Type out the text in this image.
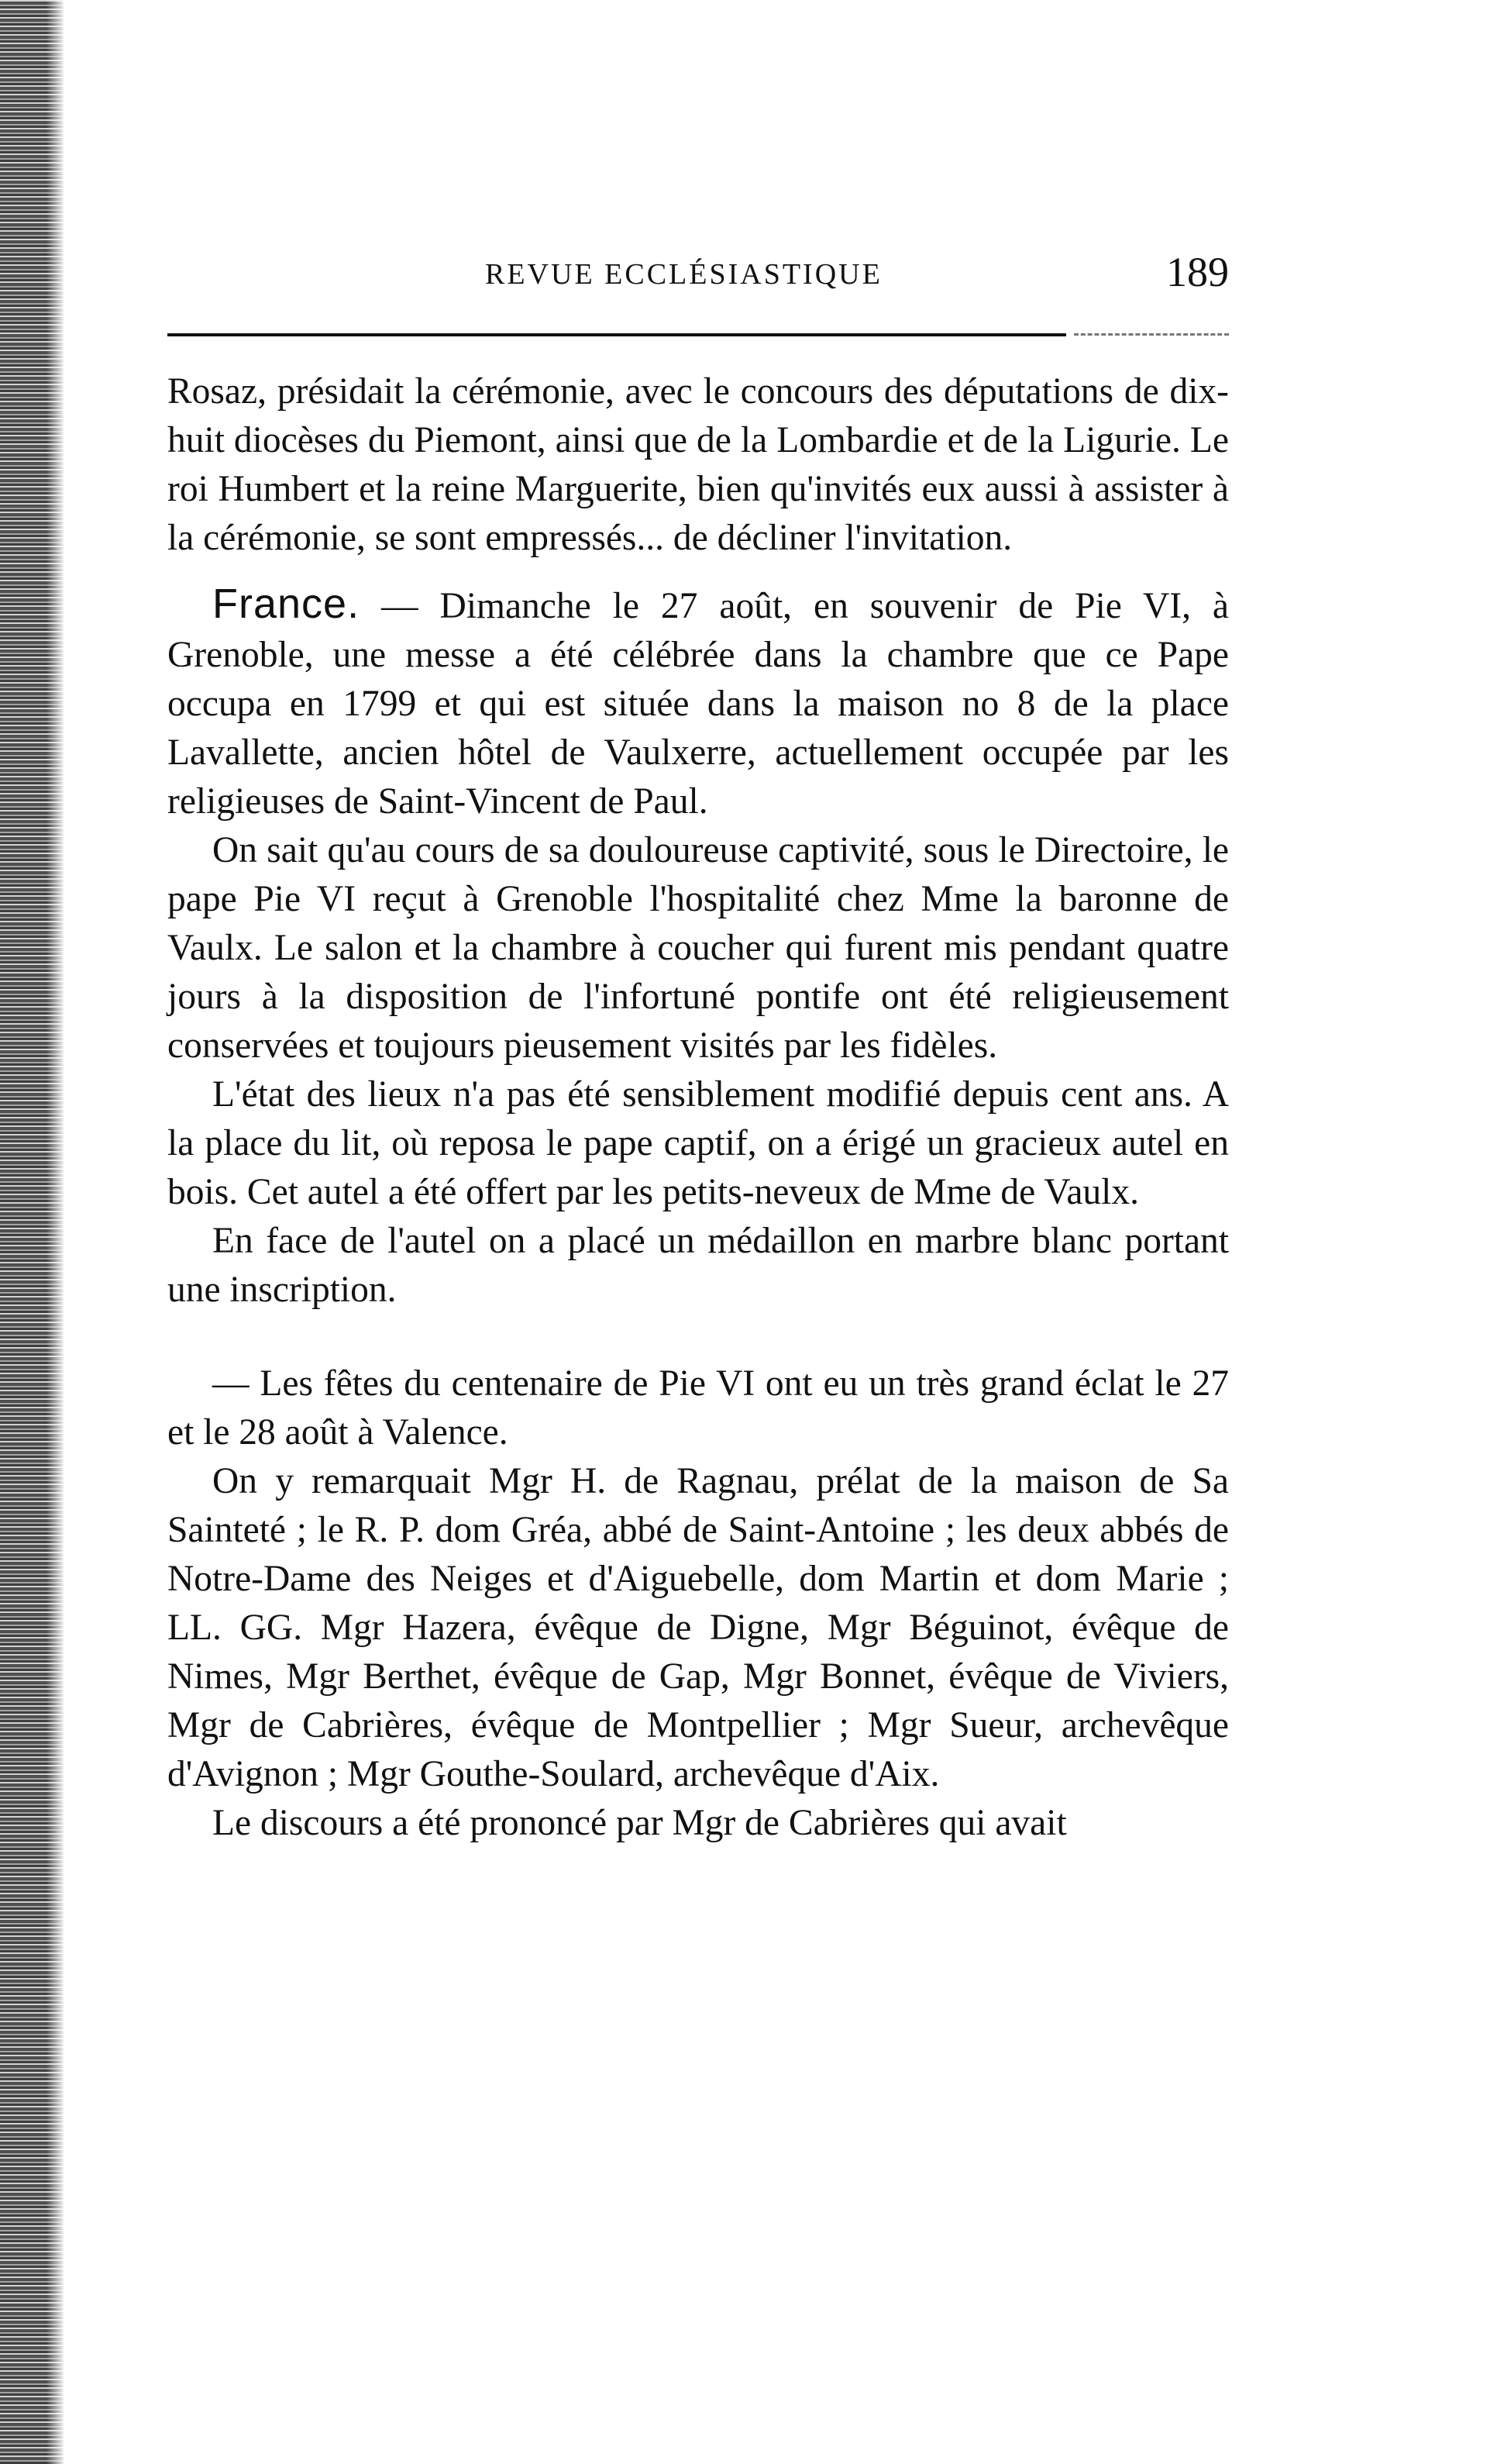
REVUE ECCLÉSIASTIQUE	189

Rosaz, présidait la cérémonie, avec le concours des députations de dix-huit diocèses du Piemont, ainsi que de la Lombardie et de la Ligurie. Le roi Humbert et la reine Marguerite, bien qu'invités eux aussi à assister à la cérémonie, se sont empressés... de décliner l'invitation.

France. — Dimanche le 27 août, en souvenir de Pie VI, à Grenoble, une messe a été célébrée dans la chambre que ce Pape occupa en 1799 et qui est située dans la maison no 8 de la place Lavallette, ancien hôtel de Vaulxerre, actuellement occupée par les religieuses de Saint-Vincent de Paul.

On sait qu'au cours de sa douloureuse captivité, sous le Directoire, le pape Pie VI reçut à Grenoble l'hospitalité chez Mme la baronne de Vaulx. Le salon et la chambre à coucher qui furent mis pendant quatre jours à la disposition de l'infortuné pontife ont été religieusement conservées et toujours pieusement visités par les fidèles.

L'état des lieux n'a pas été sensiblement modifié depuis cent ans. A la place du lit, où reposa le pape captif, on a érigé un gracieux autel en bois. Cet autel a été offert par les petits-neveux de Mme de Vaulx.

En face de l'autel on a placé un médaillon en marbre blanc portant une inscription.

— Les fêtes du centenaire de Pie VI ont eu un très grand éclat le 27 et le 28 août à Valence.

On y remarquait Mgr H. de Ragnau, prélat de la maison de Sa Sainteté ; le R. P. dom Gréa, abbé de Saint-Antoine ; les deux abbés de Notre-Dame des Neiges et d'Aiguebelle, dom Martin et dom Marie ; LL. GG. Mgr Hazera, évêque de Digne, Mgr Béguinot, évêque de Nimes, Mgr Berthet, évêque de Gap, Mgr Bonnet, évêque de Viviers, Mgr de Cabrières, évêque de Montpellier ; Mgr Sueur, archevêque d'Avignon ; Mgr Gouthe-Soulard, archevêque d'Aix.

Le discours a été prononcé par Mgr de Cabrières qui avait
